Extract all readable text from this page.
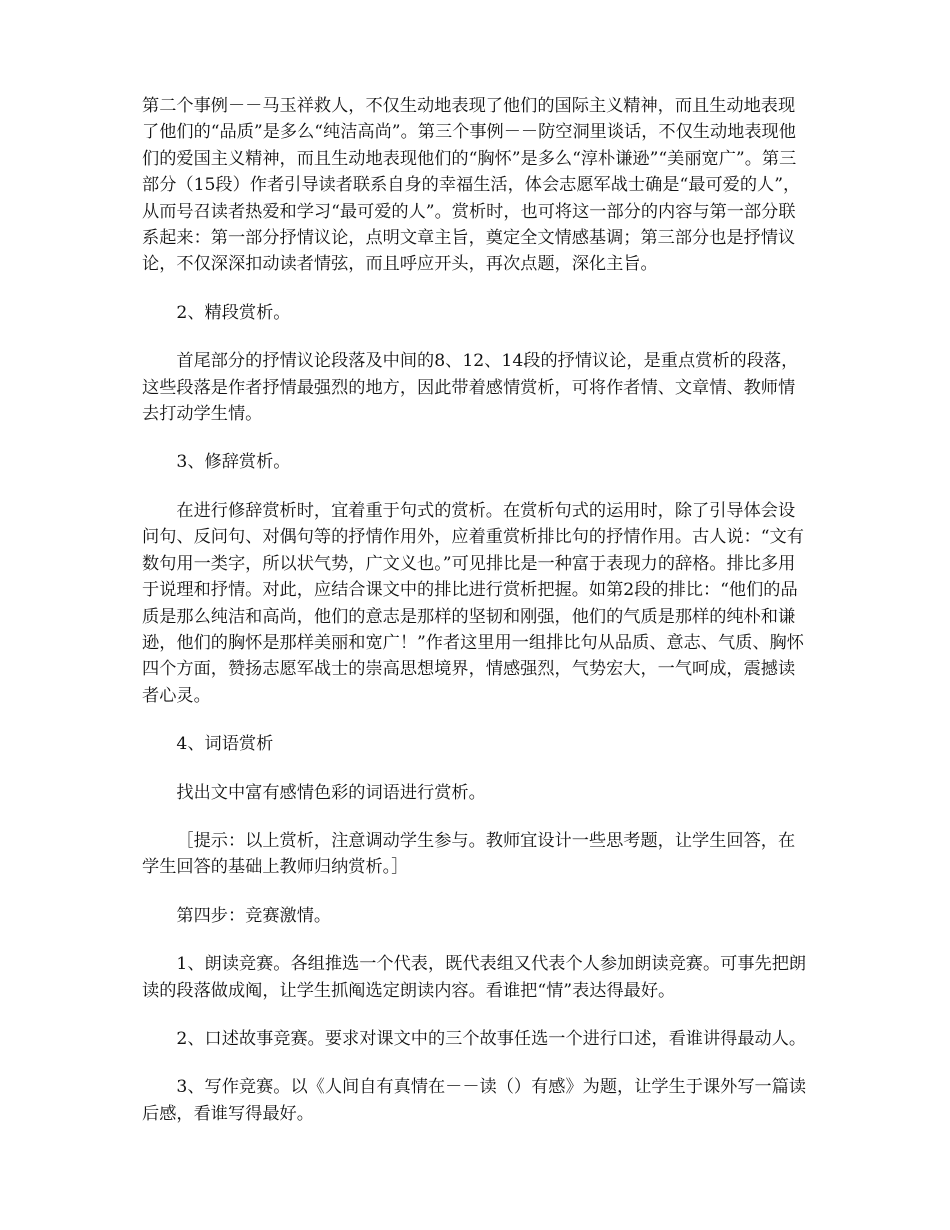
第二个事例－－马玉祥救人，不仅生动地表现了他们的国际主义精神，而且生动地表现了他们的“品质”是多么“纯洁高尚”。第三个事例－－防空洞里谈话，不仅生动地表现他们的爱国主义精神，而且生动地表现他们的“胸怀”是多么“淳朴谦逊”“美丽宽广”。第三部分（15段）作者引导读者联系自身的幸福生活，体会志愿军战士确是“最可爱的人”，从而号召读者热爱和学习“最可爱的人”。赏析时，也可将这一部分的内容与第一部分联系起来：第一部分抒情议论，点明文章主旨，奠定全文情感基调；第三部分也是抒情议论，不仅深深扣动读者情弦，而且呼应开头，再次点题，深化主旨。

2、精段赏析。

首尾部分的抒情议论段落及中间的8、12、14段的抒情议论，是重点赏析的段落，这些段落是作者抒情最强烈的地方，因此带着感情赏析，可将作者情、文章情、教师情去打动学生情。

3、修辞赏析。

在进行修辞赏析时，宜着重于句式的赏析。在赏析句式的运用时，除了引导体会设问句、反问句、对偶句等的抒情作用外，应着重赏析排比句的抒情作用。古人说：“文有数句用一类字，所以状气势，广文义也。”可见排比是一种富于表现力的辞格。排比多用于说理和抒情。对此，应结合课文中的排比进行赏析把握。如第2段的排比：“他们的品质是那么纯洁和高尚，他们的意志是那样的坚韧和刚强，他们的气质是那样的纯朴和谦逊，他们的胸怀是那样美丽和宽广！”作者这里用一组排比句从品质、意志、气质、胸怀四个方面，赞扬志愿军战士的崇高思想境界，情感强烈，气势宏大，一气呵成，震撼读者心灵。

4、词语赏析

找出文中富有感情色彩的词语进行赏析。

［提示：以上赏析，注意调动学生参与。教师宜设计一些思考题，让学生回答，在学生回答的基础上教师归纳赏析。］

第四步：竞赛激情。

1、朗读竞赛。各组推选一个代表，既代表组又代表个人参加朗读竞赛。可事先把朗读的段落做成阄，让学生抓阄选定朗读内容。看谁把“情”表达得最好。

2、口述故事竞赛。要求对课文中的三个故事任选一个进行口述，看谁讲得最动人。

3、写作竞赛。以《人间自有真情在－－读（）有感》为题，让学生于课外写一篇读后感，看谁写得最好。
